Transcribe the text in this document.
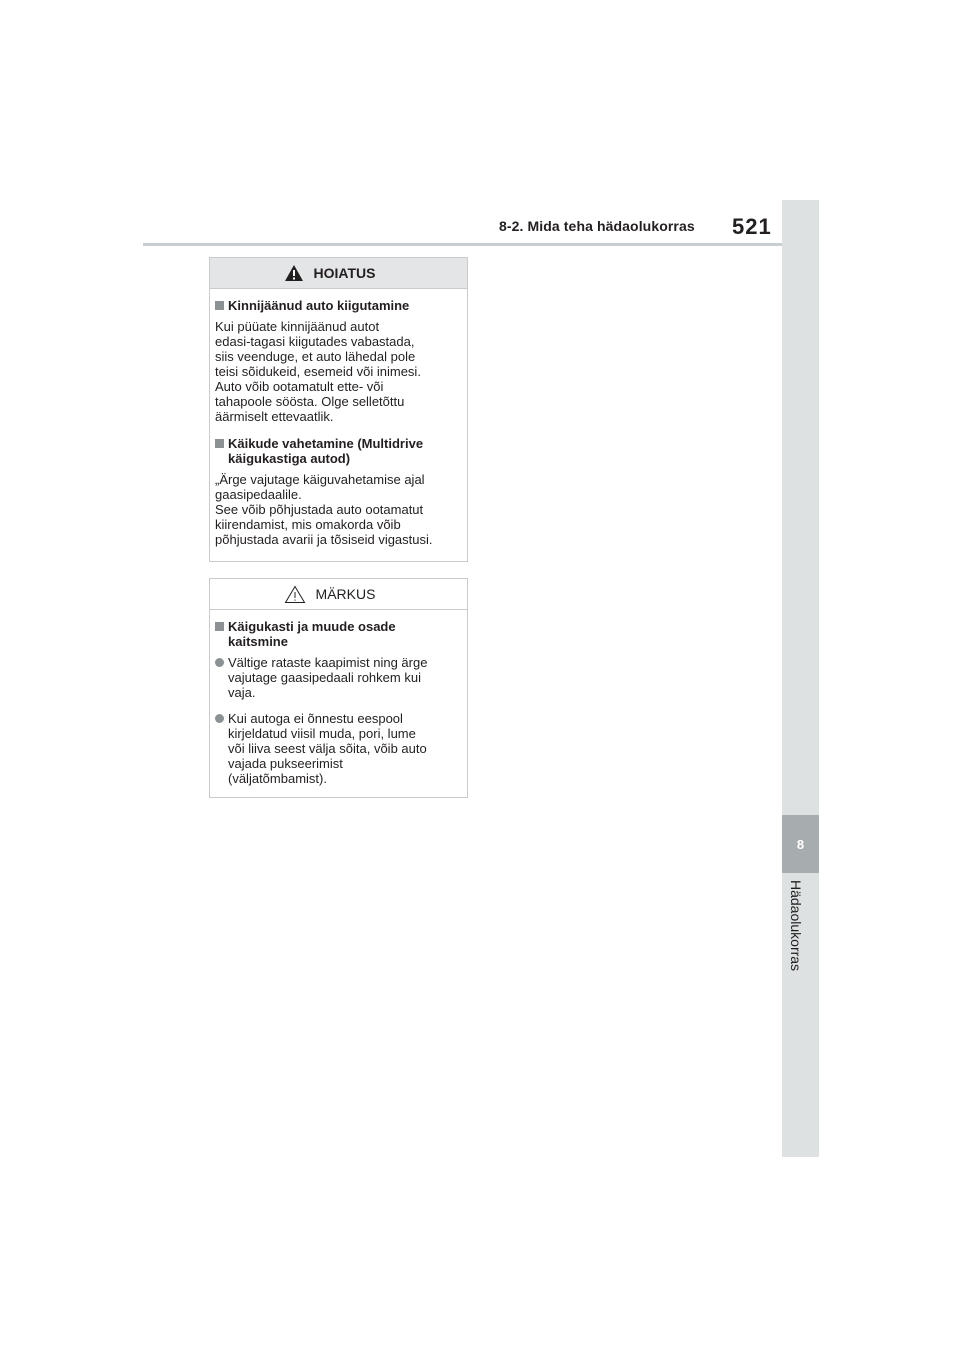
8-2. Mida teha hädaolukorras 521
8
Hädaolukorras
HOIATUS
Kinnijäänud auto kiigutamine
Kui püüate kinnijäänud autot
edasi-tagasi kiigutades vabastada,
siis veenduge, et auto lähedal pole
teisi sõidukeid, esemeid või inimesi.
Auto võib ootamatult ette- või
tahapoole söösta. Olge selletõttu
äärmiselt ettevaatlik.
Käikude vahetamine (Multidrive
käigukastiga autod)
„Ärge vajutage käiguvahetamise ajal
gaasipedaalile.
See võib põhjustada auto ootamatut
kiirendamist, mis omakorda võib
põhjustada avarii ja tõsiseid vigastusi.
MÄRKUS
Käigukasti ja muude osade
kaitsmine
Vältige rataste kaapimist ning ärge
vajutage gaasipedaali rohkem kui
vaja.
Kui autoga ei õnnestu eespool
kirjeldatud viisil muda, pori, lume
või liiva seest välja sõita, võib auto
vajada pukseerimist
(väljatõmbamist).
